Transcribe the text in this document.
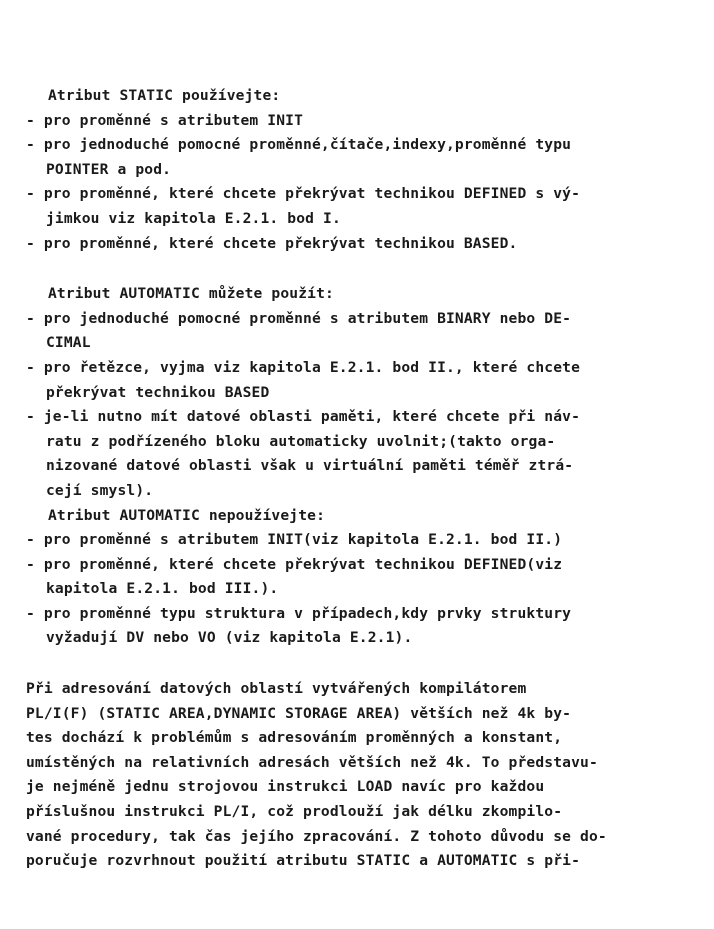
Atribut STATIC používejte:
- pro proměnné s atributem INIT
- pro jednoduché pomocné proměnné,čítače,indexy,proměnné typu
POINTER a pod.
- pro proměnné, které chcete překrývat technikou DEFINED s vý-
jimkou viz kapitola E.2.1. bod I.
- pro proměnné, které chcete překrývat technikou BASED.

Atribut AUTOMATIC můžete použít:
- pro jednoduché pomocné proměnné s atributem BINARY nebo DE-
CIMAL
- pro řetězce, vyjma viz kapitola E.2.1. bod II., které chcete
překrývat technikou BASED
- je-li nutno mít datové oblasti paměti, které chcete při náv-
ratu z podřízeného bloku automaticky uvolnit;(takto orga-
nizované datové oblasti však u virtuální paměti téměř ztrá-
cejí smysl).
Atribut AUTOMATIC nepoužívejte:
- pro proměnné s atributem INIT(viz kapitola E.2.1. bod II.)
- pro proměnné, které chcete překrývat technikou DEFINED(viz
kapitola E.2.1. bod III.).
- pro proměnné typu struktura v případech,kdy prvky struktury
vyžadují DV nebo VO (viz kapitola E.2.1).

Při adresování datových oblastí vytvářených kompilátorem
PL/I(F) (STATIC AREA,DYNAMIC STORAGE AREA) větších než 4k by-
tes dochází k problémům s adresováním proměnných a konstant,
umístěných na relativních adresách větších než 4k. To představu-
je nejméně jednu strojovou instrukci LOAD navíc pro každou
příslušnou instrukci PL/I, což prodlouží jak délku zkompilo-
vané procedury, tak čas jejího zpracování. Z tohoto důvodu se do-
poručuje rozvrhnout použití atributu STATIC a AUTOMATIC s při-
